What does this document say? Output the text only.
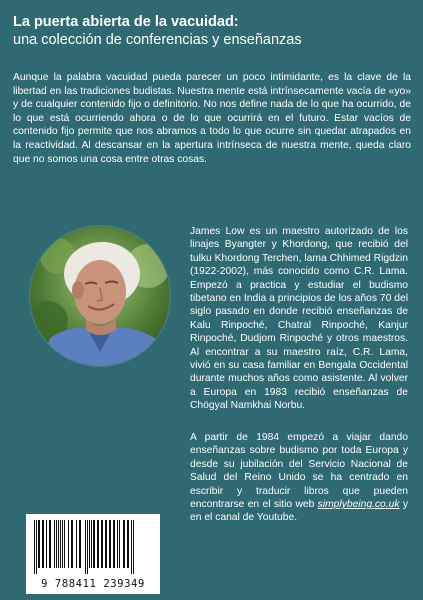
La puerta abierta de la vacuidad:

una colección de conferencias y enseñanzas

Aunque la palabra vacuidad pueda parecer un poco intimidante, es la clave de la libertad en las tradiciones budistas. Nuestra mente está intrínsecamente vacía de «yo» y de cualquier contenido fijo o definitorio. No nos define nada de lo que ha ocurrido, de lo que está ocurriendo ahora o de lo que ocurrirá en el futuro. Estar vacíos de contenido fijo permite que nos abramos a todo lo que ocurre sin quedar atrapados en la reactividad. Al descansar en la apertura intrínseca de nuestra mente, queda claro que no somos una cosa entre otras cosas.

James Low es un maestro autorizado de los linajes Byangter y Khordong, que recibió del tulku Khordong Terchen, lama Chhimed Rigdzin (1922-2002), más conocido como C.R. Lama. Empezó a practica y estudiar el budismo tibetano en India a principios de los años 70 del siglo pasado en donde recibió enseñanzas de Kalu Rinpoché, Chatral Rinpoché, Kanjur Rinpoché, Dudjom Rinpoché y otros maestros. Al encontrar a su maestro raíz, C.R. Lama, vivió en su casa familiar en Bengala Occidental durante muchos años como asistente. Al volver a Europa en 1983 recibió enseñanzas de Chögyal Namkhai Norbu.

A partir de 1984 empezó a viajar dando enseñanzas sobre budismo por toda Europa y desde su jubilación del Servicio Nacional de Salud del Reino Unido se ha centrado en escribir y traducir libros que pueden encontrarse en el sitio web simplybeing.co.uk y en el canal de Youtube.

9 788411 239349
